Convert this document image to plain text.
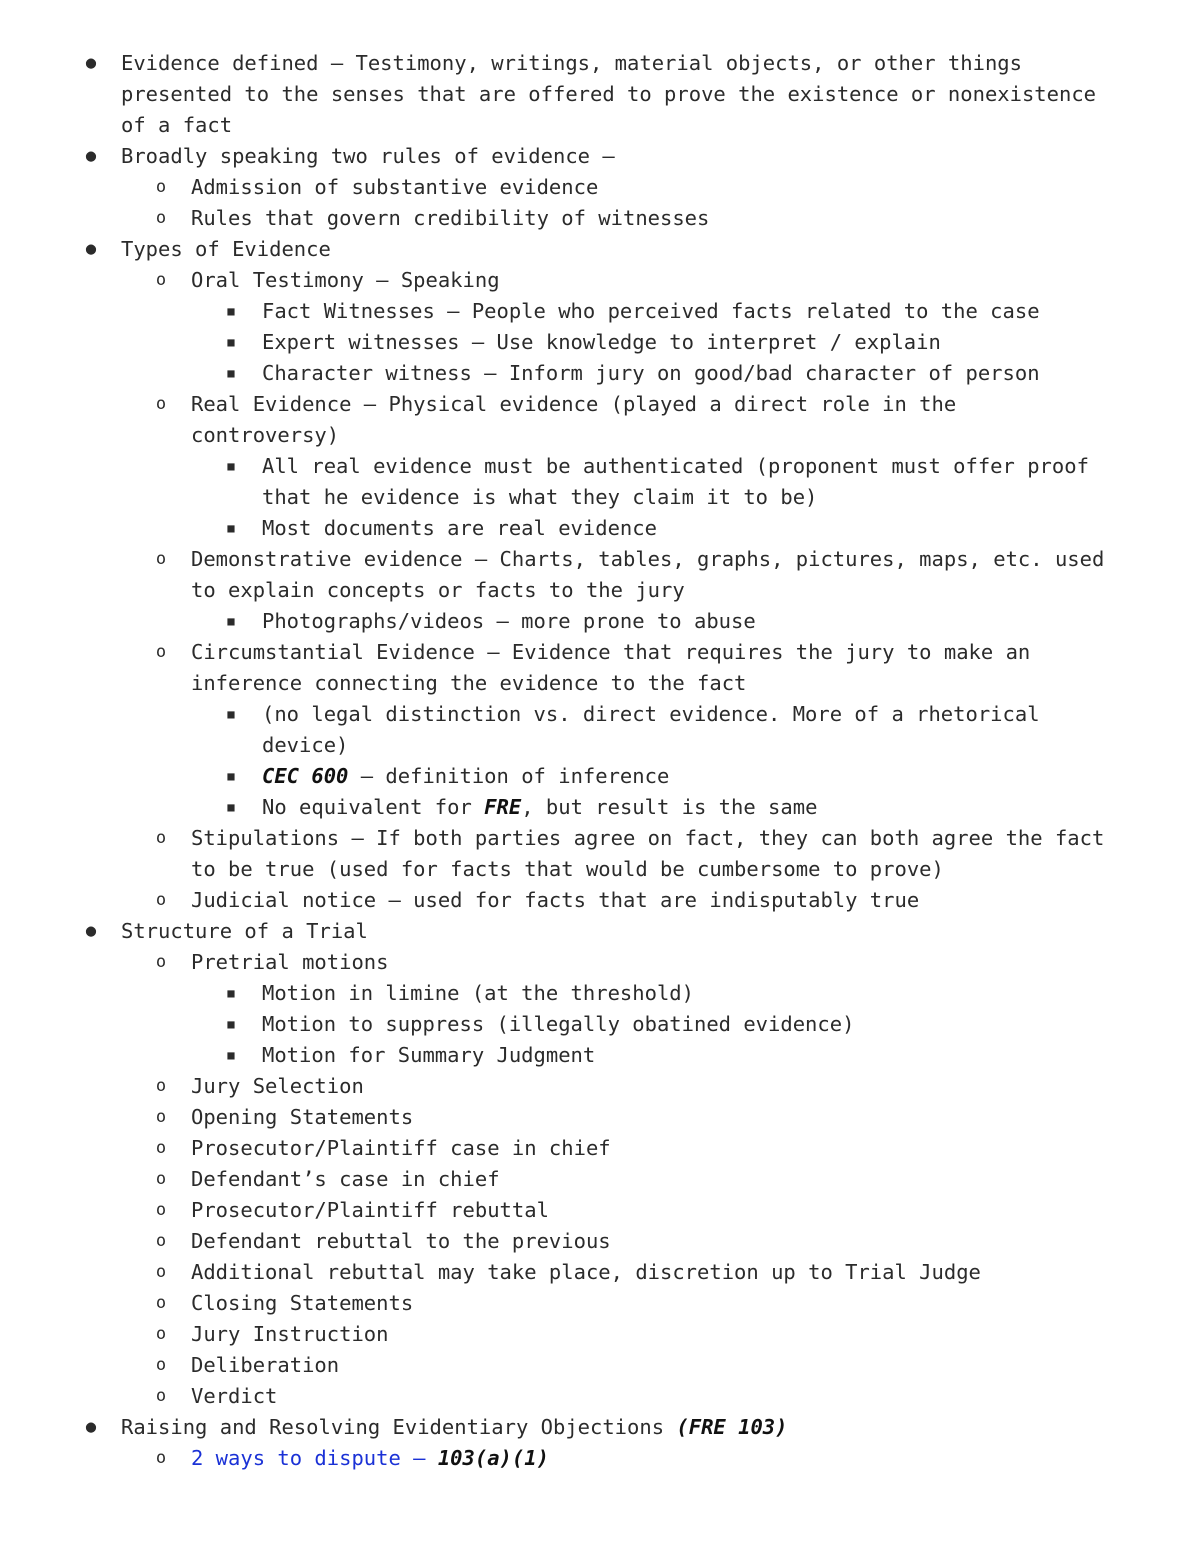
● Evidence defined – Testimony, writings, material objects, or other things
presented to the senses that are offered to prove the existence or nonexistence
of a fact
● Broadly speaking two rules of evidence –
o Admission of substantive evidence
o Rules that govern credibility of witnesses
● Types of Evidence
o Oral Testimony – Speaking
■	Fact Witnesses – People who perceived facts related to the case
■	Expert witnesses – Use knowledge to interpret / explain
■	Character witness – Inform jury on good/bad character of person
o Real Evidence – Physical evidence (played a direct role in the
controversy)
■	All real evidence must be authenticated (proponent must offer proof
that he evidence is what they claim it to be)
■	Most documents are real evidence
o Demonstrative evidence – Charts, tables, graphs, pictures, maps, etc. used
to explain concepts or facts to the jury
■	Photographs/videos – more prone to abuse
o Circumstantial Evidence – Evidence that requires the jury to make an
inference connecting the evidence to the fact
■	(no legal distinction vs. direct evidence. More of a rhetorical
device)
■	CEC 600 – definition of inference
■	No equivalent for FRE, but result is the same
o Stipulations – If both parties agree on fact, they can both agree the fact
to be true (used for facts that would be cumbersome to prove)
o Judicial notice – used for facts that are indisputably true
● Structure of a Trial
o Pretrial motions
■	Motion in limine (at the threshold)
■	Motion to suppress (illegally obatined evidence)
■	Motion for Summary Judgment
o Jury Selection
o Opening Statements
o Prosecutor/Plaintiff case in chief
o Defendant’s case in chief
o Prosecutor/Plaintiff rebuttal
o Defendant rebuttal to the previous
o Additional rebuttal may take place, discretion up to Trial Judge
o Closing Statements
o Jury Instruction
o Deliberation
o Verdict
● Raising and Resolving Evidentiary Objections (FRE 103)
o 2 ways to dispute – 103(a)(1)
